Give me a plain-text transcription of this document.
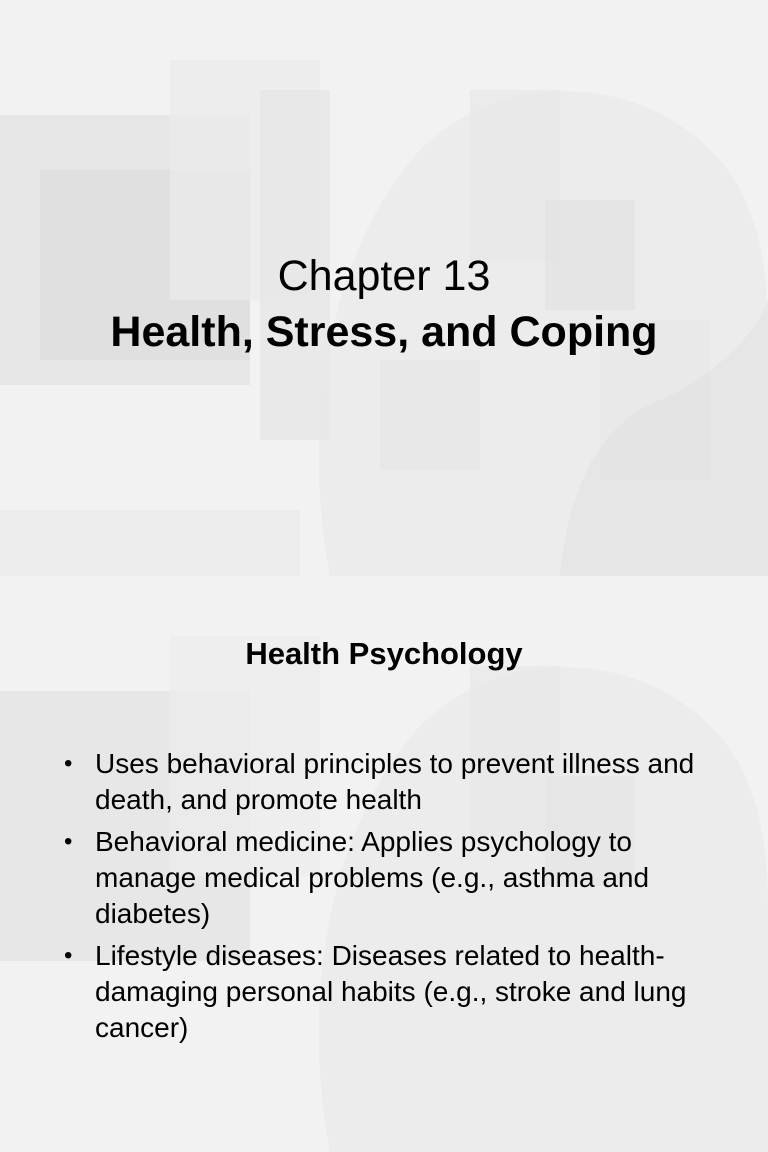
Chapter 13
Health, Stress, and Coping
Health Psychology
• Uses behavioral principles to prevent illness and death, and promote health
• Behavioral medicine: Applies psychology to manage medical problems (e.g., asthma and diabetes)
• Lifestyle diseases: Diseases related to health-damaging personal habits (e.g., stroke and lung cancer)
